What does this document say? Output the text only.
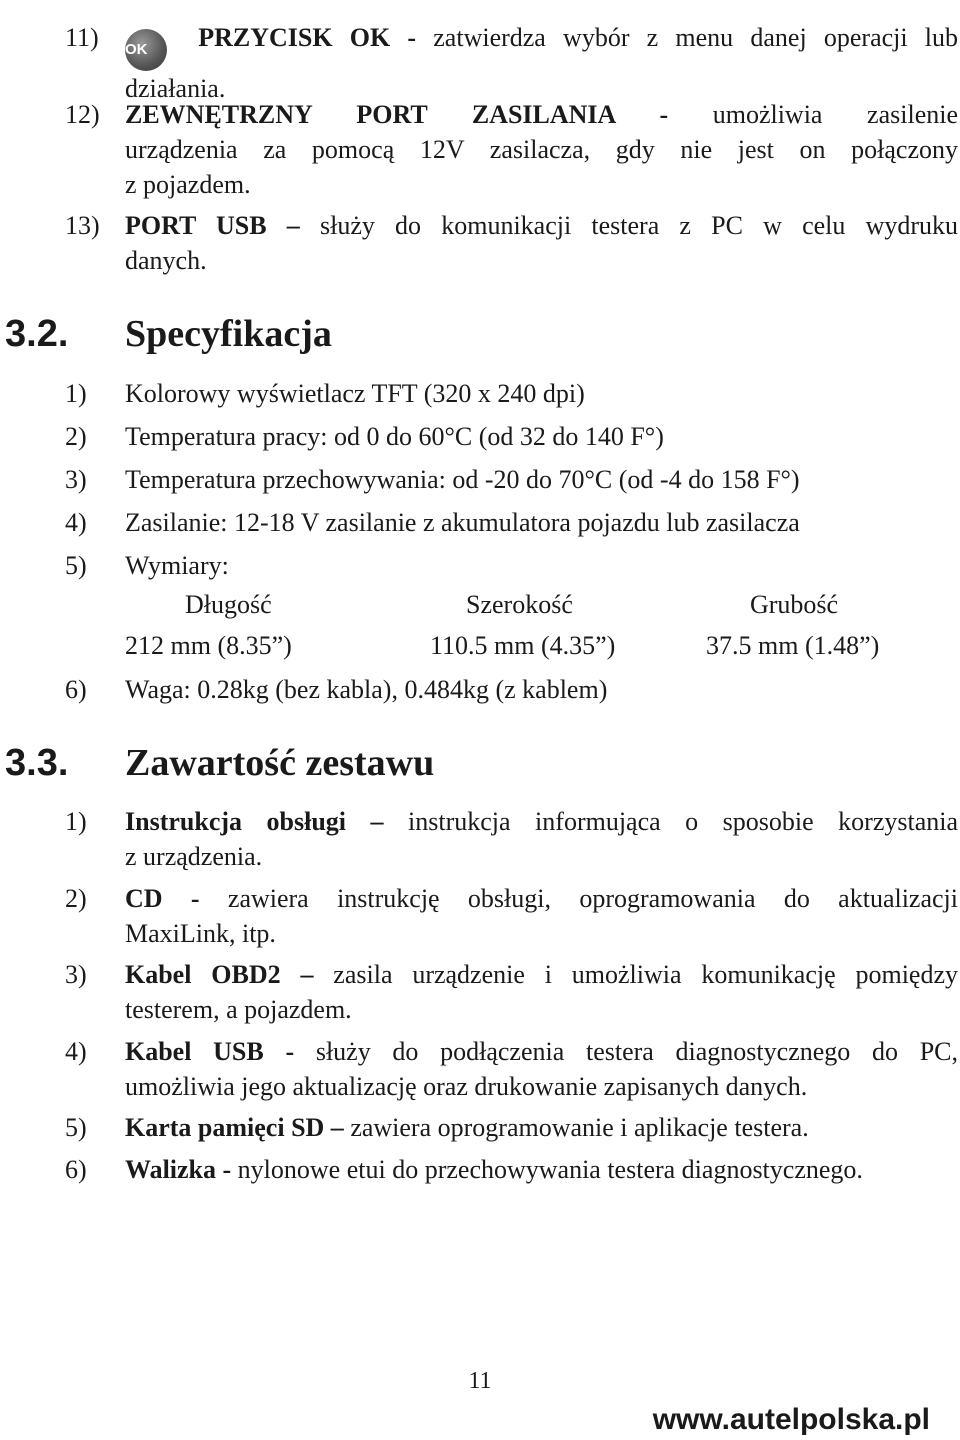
11) OK PRZYCISK OK - zatwierdza wybór z menu danej operacji lub
działania.
12) ZEWNĘTRZNY PORT ZASILANIA - umożliwia zasilenie
urządzenia za pomocą 12V zasilacza, gdy nie jest on połączony
z pojazdem.
13) PORT USB – służy do komunikacji testera z PC w celu wydruku
danych.
3.2. Specyfikacja
1) Kolorowy wyświetlacz TFT (320 x 240 dpi)
2) Temperatura pracy: od 0 do 60°C (od 32 do 140 F°)
3) Temperatura przechowywania: od -20 do 70°C (od -4 do 158 F°)
4) Zasilanie: 12-18 V zasilanie z akumulatora pojazdu lub zasilacza
5) Wymiary:
Długość	Szerokość	Grubość
212 mm (8.35”)	110.5 mm (4.35”)	37.5 mm (1.48”)
6) Waga: 0.28kg (bez kabla), 0.484kg (z kablem)
3.3. Zawartość zestawu
1) Instrukcja obsługi – instrukcja informująca o sposobie korzystania
z urządzenia.
2) CD - zawiera instrukcję obsługi, oprogramowania do aktualizacji
MaxiLink, itp.
3) Kabel OBD2 – zasila urządzenie i umożliwia komunikację pomiędzy
testerem, a pojazdem.
4) Kabel USB - służy do podłączenia testera diagnostycznego do PC,
umożliwia jego aktualizację oraz drukowanie zapisanych danych.
5) Karta pamięci SD – zawiera oprogramowanie i aplikacje testera.
6) Walizka - nylonowe etui do przechowywania testera diagnostycznego.
11
www.autelpolska.pl
